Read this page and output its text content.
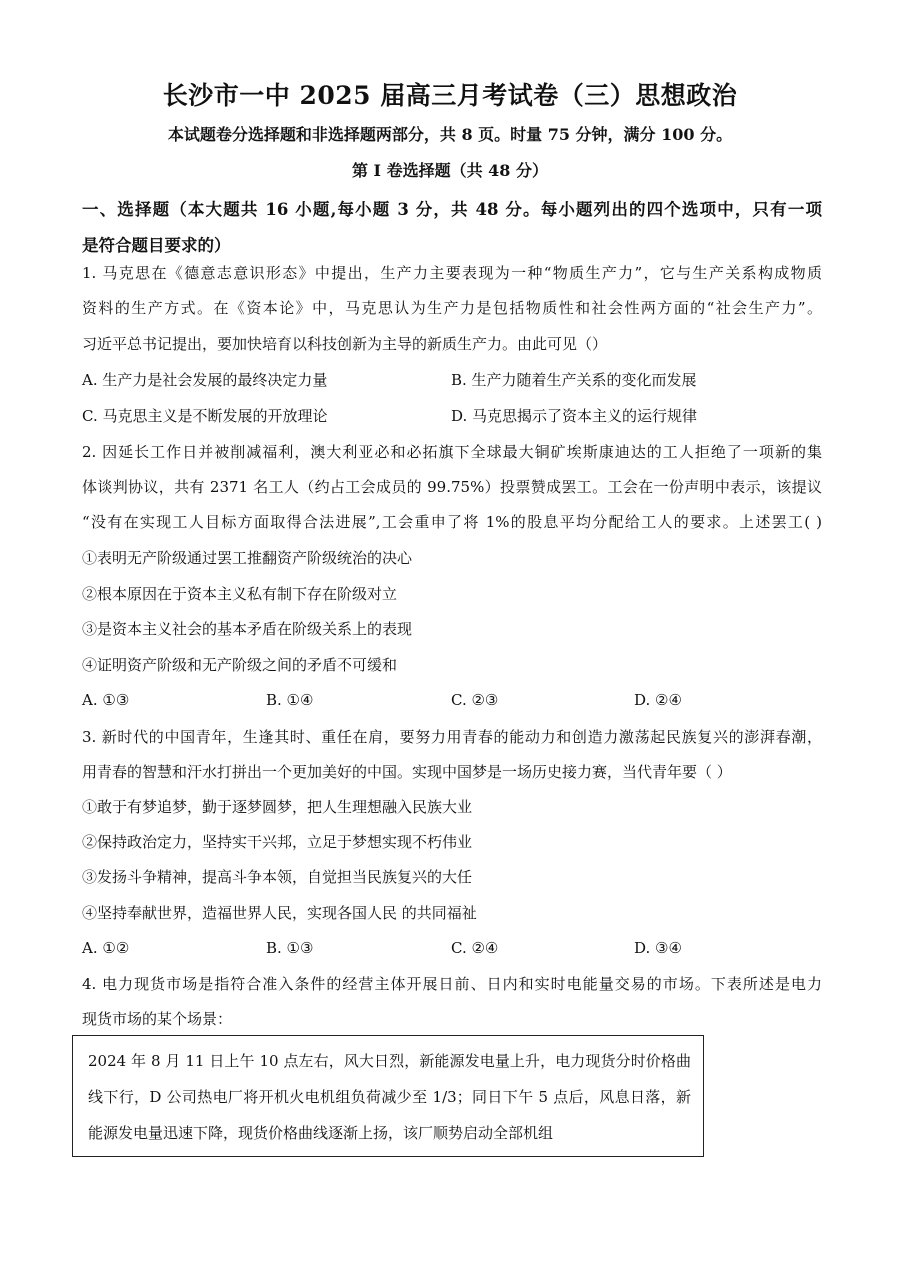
长沙市一中 2025 届高三月考试卷（三）思想政治
本试题卷分选择题和非选择题两部分，共 8 页。时量 75 分钟，满分 100 分。
第 I 卷选择题（共 48 分）
一、选择题（本大题共 16 小题,每小题 3 分，共 48 分。每小题列出的四个选项中，只有一项
是符合题目要求的）
1. 马克思在《德意志意识形态》中提出，生产力主要表现为一种“物质生产力”，它与生产关系构成物质
资料的生产方式。在《资本论》中，马克思认为生产力是包括物质性和社会性两方面的“社会生产力”。
习近平总书记提出，要加快培育以科技创新为主导的新质生产力。由此可见（）
A. 生产力是社会发展的最终决定力量	B. 生产力随着生产关系的变化而发展
C. 马克思主义是不断发展的开放理论	D. 马克思揭示了资本主义的运行规律
2. 因延长工作日并被削减福利，澳大利亚必和必拓旗下全球最大铜矿埃斯康迪达的工人拒绝了一项新的集
体谈判协议，共有 2371 名工人（约占工会成员的 99.75%）投票赞成罢工。工会在一份声明中表示，该提议
“没有在实现工人目标方面取得合法进展”,工会重申了将 1%的股息平均分配给工人的要求。上述罢工( )
①表明无产阶级通过罢工推翻资产阶级统治的决心
②根本原因在于资本主义私有制下存在阶级对立
③是资本主义社会的基本矛盾在阶级关系上的表现
④证明资产阶级和无产阶级之间的矛盾不可缓和
A. ①③	B. ①④	C. ②③	D. ②④
3. 新时代的中国青年，生逢其时、重任在肩，要努力用青春的能动力和创造力激荡起民族复兴的澎湃春潮，
用青春的智慧和汗水打拼出一个更加美好的中国。实现中国梦是一场历史接力赛，当代青年要（ ）
①敢于有梦追梦，勤于逐梦圆梦，把人生理想融入民族大业
②保持政治定力，坚持实干兴邦，立足于梦想实现不朽伟业
③发扬斗争精神，提高斗争本领，自觉担当民族复兴的大任
④坚持奉献世界，造福世界人民，实现各国人民 的共同福祉
A. ①②	B. ①③	C. ②④	D. ③④
4. 电力现货市场是指符合准入条件的经营主体开展日前、日内和实时电能量交易的市场。下表所述是电力
现货市场的某个场景：
2024 年 8 月 11 日上午 10 点左右，风大日烈，新能源发电量上升，电力现货分时价格曲
线下行，D 公司热电厂将开机火电机组负荷减少至 1/3；同日下午 5 点后，风息日落，新
能源发电量迅速下降，现货价格曲线逐渐上扬，该厂顺势启动全部机组
